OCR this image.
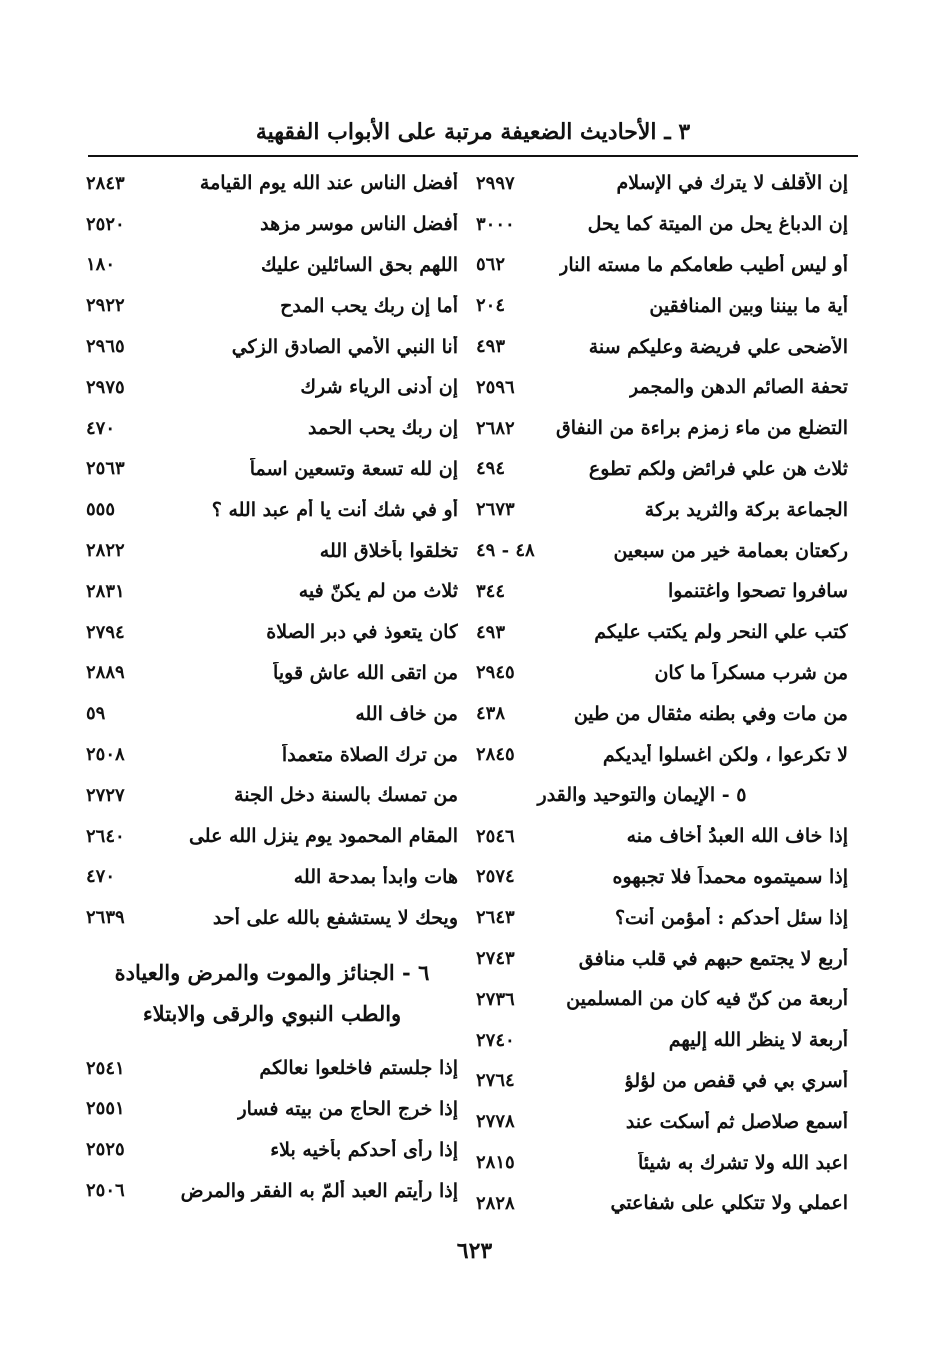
٣ ـ الأحاديث الضعيفة مرتبة على الأبواب الفقهية
إن الأقلف لا يترك في الإسلام
٢٩٩٧
إن الدباغ يحل من الميتة كما يحل
٣٠٠٠
أو ليس أطيب طعامكم ما مسته النار
٥٦٢
أية ما بيننا وبين المنافقين
٢٠٤
الأضحى علي فريضة وعليكم سنة
٤٩٣
تحفة الصائم الدهن والمجمر
٢٥٩٦
التضلع من ماء زمزم براءة من النفاق
٢٦٨٢
ثلاث هن علي فرائض ولكم تطوع
٤٩٤
الجماعة بركة والثريد بركة
٢٦٧٣
ركعتان بعمامة خير من سبعين
٤٨ - ٤٩
سافروا تصحوا واغتنموا
٣٤٤
كتب علي النحر ولم يكتب عليكم
٤٩٣
من شرب مسكراً ما كان
٢٩٤٥
من مات وفي بطنه مثقال من طين
٤٣٨
لا تكرعوا ، ولكن اغسلوا أيديكم
٢٨٤٥
٥ - الإيمان والتوحيد والقدر
إذا خاف الله العبدُ أخاف منه
٢٥٤٦
إذا سميتموه محمداً فلا تجبهوه
٢٥٧٤
إذا سئل أحدكم : أمؤمن أنت؟
٢٦٤٣
أربع لا يجتمع حبهم في قلب منافق
٢٧٤٣
أربعة من كنّ فيه كان من المسلمين
٢٧٣٦
أربعة لا ينظر الله إليهم
٢٧٤٠
أسري بي في قفص من لؤلؤ
٢٧٦٤
أسمع صلاصل ثم أسكت عند
٢٧٧٨
اعبد الله ولا تشرك به شيئاً
٢٨١٥
اعملي ولا تتكلي على شفاعتي
٢٨٢٨
أفضل الناس عند الله يوم القيامة
٢٨٤٣
أفضل الناس موسر مزهد
٢٥٢٠
اللهم بحق السائلين عليك
١٨٠
أما إن ربك يحب المدح
٢٩٢٢
أنا النبي الأمي الصادق الزكي
٢٩٦٥
إن أدنى الرياء شرك
٢٩٧٥
إن ربك يحب الحمد
٤٧٠
إن لله تسعة وتسعين اسماً
٢٥٦٣
أو في شك أنت يا أم عبد الله ؟
٥٥٥
تخلقوا بأخلاق الله
٢٨٢٢
ثلاث من لم يكنّ فيه
٢٨٣١
كان يتعوذ في دبر الصلاة
٢٧٩٤
من اتقى الله عاش قوياً
٢٨٨٩
من خاف الله
٥٩
من ترك الصلاة متعمداً
٢٥٠٨
من تمسك بالسنة دخل الجنة
٢٧٢٧
المقام المحمود يوم ينزل الله على
٢٦٤٠
هات وابدأ بمدحة الله
٤٧٠
ويحك لا يستشفع بالله على أحد
٢٦٣٩
٦ - الجنائز والموت والمرض والعيادة
والطب النبوي والرقى والابتلاء
إذا جلستم فاخلعوا نعالكم
٢٥٤١
إذا خرج الحاج من بيته فسار
٢٥٥١
إذا رأى أحدكم بأخيه بلاء
٢٥٢٥
إذا رأيتم العبد ألمّ به الفقر والمرض
٢٥٠٦
٦٢٣
